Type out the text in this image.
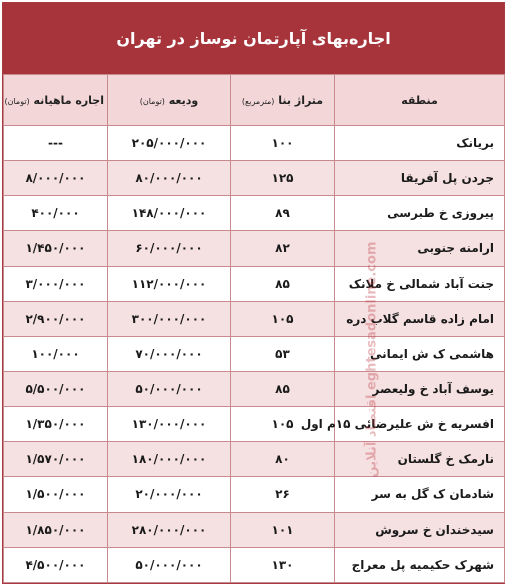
اجاره‌بهای آپارتمان نوساز در تهران
منطقه	متراژ بنا (مترمربع)	ودیعه (تومان)	اجاره ماهیانه (تومان)
بریانک	۱۰۰	۲۰۵/۰۰۰/۰۰۰	---
جردن پل آفریقا	۱۲۵	۸۰/۰۰۰/۰۰۰	۸/۰۰۰/۰۰۰
پیروزی خ طبرسی	۸۹	۱۴۸/۰۰۰/۰۰۰	۴۰۰/۰۰۰
ارامنه جنوبی	۸۲	۶۰/۰۰۰/۰۰۰	۱/۴۵۰/۰۰۰
جنت آباد شمالی خ ملانک	۸۵	۱۱۲/۰۰۰/۰۰۰	۳/۰۰۰/۰۰۰
امام زاده قاسم گلاب دره	۱۰۵	۳۰۰/۰۰۰/۰۰۰	۲/۹۰۰/۰۰۰
هاشمی ک ش ایمانی	۵۳	۷۰/۰۰۰/۰۰۰	۱۰۰/۰۰۰
یوسف آباد خ ولیعصر	۸۵	۵۰/۰۰۰/۰۰۰	۵/۵۰۰/۰۰۰
افسریه خ ش علیرضائی ۱۵م اول	۱۰۵	۱۳۰/۰۰۰/۰۰۰	۱/۳۵۰/۰۰۰
نارمک خ گلستان	۸۰	۱۸۰/۰۰۰/۰۰۰	۱/۵۷۰/۰۰۰
شادمان ک گل به سر	۲۶	۲۰/۰۰۰/۰۰۰	۱/۵۰۰/۰۰۰
سیدخندان خ سروش	۱۰۱	۲۸۰/۰۰۰/۰۰۰	۱/۸۵۰/۰۰۰
شهرک حکیمیه پل معراج	۱۳۰	۵۰/۰۰۰/۰۰۰	۴/۵۰۰/۰۰۰
اقتصاد آنلاین eghtesadonline.com
